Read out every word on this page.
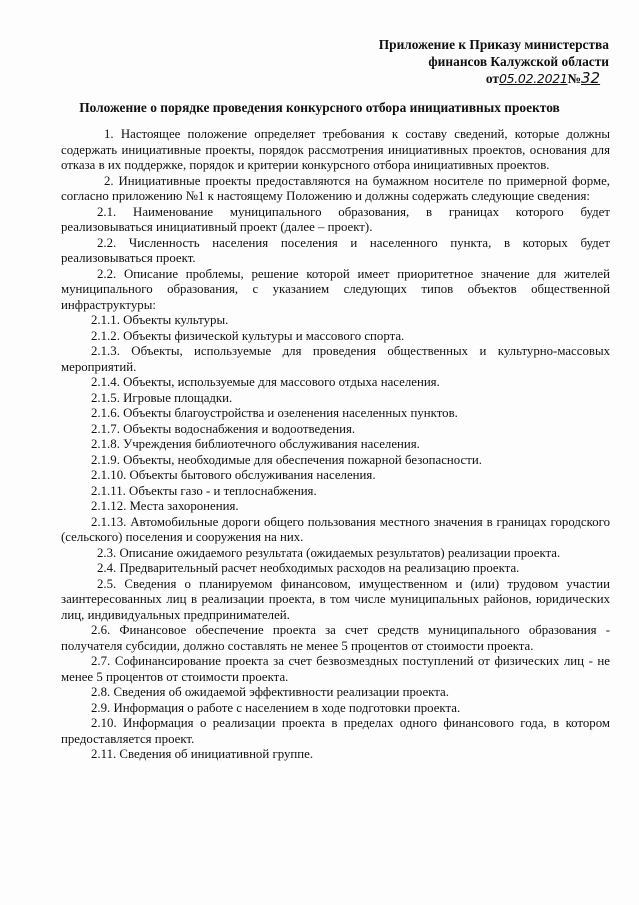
Приложение к Приказу министерства
финансов Калужской области
от05.02.2021№32
Положение о порядке проведения конкурсного отбора инициативных проектов

1. Настоящее положение определяет требования к составу сведений, которые должны содержать инициативные проекты, порядок рассмотрения инициативных проектов, основания для отказа в их поддержке, порядок и критерии конкурсного отбора инициативных проектов.

2. Инициативные проекты предоставляются на бумажном носителе по примерной форме, согласно приложению №1 к настоящему Положению и должны содержать следующие сведения:

2.1. Наименование муниципального образования, в границах которого будет реализовываться инициативный проект (далее – проект).

2.2. Численность населения поселения и населенного пункта, в которых будет реализовываться проект.

2.2. Описание проблемы, решение которой имеет приоритетное значение для жителей муниципального образования, с указанием следующих типов объектов общественной инфраструктуры:

2.1.1. Объекты культуры.

2.1.2. Объекты физической культуры и массового спорта.

2.1.3. Объекты, используемые для проведения общественных и культурно-массовых мероприятий.

2.1.4. Объекты, используемые для массового отдыха населения.

2.1.5. Игровые площадки.

2.1.6. Объекты благоустройства и озеленения населенных пунктов.

2.1.7. Объекты водоснабжения и водоотведения.

2.1.8. Учреждения библиотечного обслуживания населения.

2.1.9. Объекты, необходимые для обеспечения пожарной безопасности.

2.1.10. Объекты бытового обслуживания населения.

2.1.11. Объекты газо - и теплоснабжения.

2.1.12. Места захоронения.

2.1.13. Автомобильные дороги общего пользования местного значения в границах городского (сельского) поселения и сооружения на них.

2.3. Описание ожидаемого результата (ожидаемых результатов) реализации проекта.

2.4. Предварительный расчет необходимых расходов на реализацию проекта.

2.5. Сведения о планируемом финансовом, имущественном и (или) трудовом участии заинтересованных лиц в реализации проекта, в том числе муниципальных районов, юридических лиц, индивидуальных предпринимателей.

2.6. Финансовое обеспечение проекта за счет средств муниципального образования - получателя субсидии, должно составлять не менее 5 процентов от стоимости проекта.

2.7. Софинансирование проекта за счет безвозмездных поступлений от физических лиц - не менее 5 процентов от стоимости проекта.

2.8. Сведения об ожидаемой эффективности реализации проекта.

2.9. Информация о работе с населением в ходе подготовки проекта.

2.10. Информация о реализации проекта в пределах одного финансового года, в котором предоставляется проект.

2.11. Сведения об инициативной группе.
